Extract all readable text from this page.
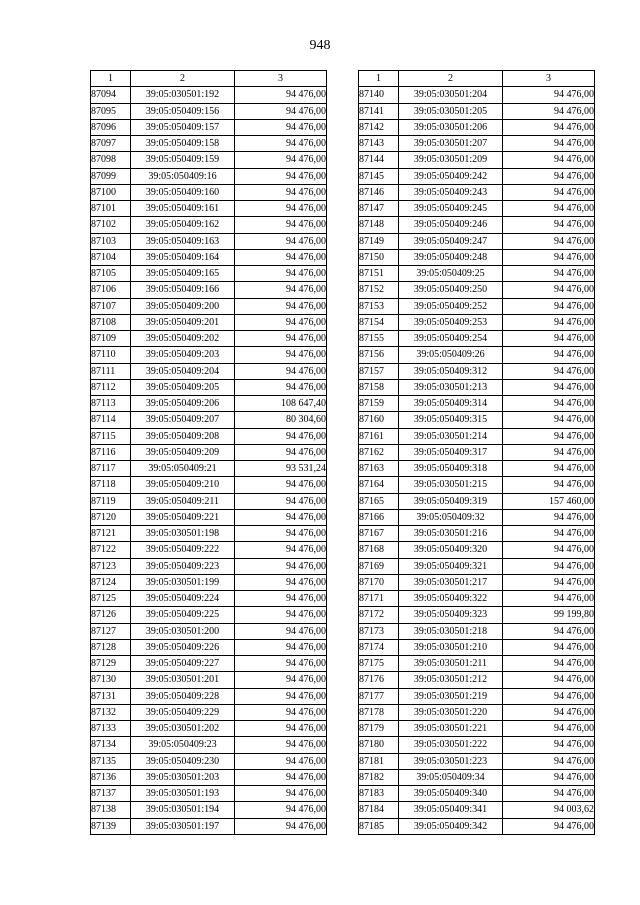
948
1	2	3
87094	39:05:030501:192	94 476,00
87095	39:05:050409:156	94 476,00
87096	39:05:050409:157	94 476,00
87097	39:05:050409:158	94 476,00
87098	39:05:050409:159	94 476,00
87099	39:05:050409:16	94 476,00
87100	39:05:050409:160	94 476,00
87101	39:05:050409:161	94 476,00
87102	39:05:050409:162	94 476,00
87103	39:05:050409:163	94 476,00
87104	39:05:050409:164	94 476,00
87105	39:05:050409:165	94 476,00
87106	39:05:050409:166	94 476,00
87107	39:05:050409:200	94 476,00
87108	39:05:050409:201	94 476,00
87109	39:05:050409:202	94 476,00
87110	39:05:050409:203	94 476,00
87111	39:05:050409:204	94 476,00
87112	39:05:050409:205	94 476,00
87113	39:05:050409:206	108 647,40
87114	39:05:050409:207	80 304,60
87115	39:05:050409:208	94 476,00
87116	39:05:050409:209	94 476,00
87117	39:05:050409:21	93 531,24
87118	39:05:050409:210	94 476,00
87119	39:05:050409:211	94 476,00
87120	39:05:050409:221	94 476,00
87121	39:05:030501:198	94 476,00
87122	39:05:050409:222	94 476,00
87123	39:05:050409:223	94 476,00
87124	39:05:030501:199	94 476,00
87125	39:05:050409:224	94 476,00
87126	39:05:050409:225	94 476,00
87127	39:05:030501:200	94 476,00
87128	39:05:050409:226	94 476,00
87129	39:05:050409:227	94 476,00
87130	39:05:030501:201	94 476,00
87131	39:05:050409:228	94 476,00
87132	39:05:050409:229	94 476,00
87133	39:05:030501:202	94 476,00
87134	39:05:050409:23	94 476,00
87135	39:05:050409:230	94 476,00
87136	39:05:030501:203	94 476,00
87137	39:05:030501:193	94 476,00
87138	39:05:030501:194	94 476,00
87139	39:05:030501:197	94 476,00
1	2	3
87140	39:05:030501:204	94 476,00
87141	39:05:030501:205	94 476,00
87142	39:05:030501:206	94 476,00
87143	39:05:030501:207	94 476,00
87144	39:05:030501:209	94 476,00
87145	39:05:050409:242	94 476,00
87146	39:05:050409:243	94 476,00
87147	39:05:050409:245	94 476,00
87148	39:05:050409:246	94 476,00
87149	39:05:050409:247	94 476,00
87150	39:05:050409:248	94 476,00
87151	39:05:050409:25	94 476,00
87152	39:05:050409:250	94 476,00
87153	39:05:050409:252	94 476,00
87154	39:05:050409:253	94 476,00
87155	39:05:050409:254	94 476,00
87156	39:05:050409:26	94 476,00
87157	39:05:050409:312	94 476,00
87158	39:05:030501:213	94 476,00
87159	39:05:050409:314	94 476,00
87160	39:05:050409:315	94 476,00
87161	39:05:030501:214	94 476,00
87162	39:05:050409:317	94 476,00
87163	39:05:050409:318	94 476,00
87164	39:05:030501:215	94 476,00
87165	39:05:050409:319	157 460,00
87166	39:05:050409:32	94 476,00
87167	39:05:030501:216	94 476,00
87168	39:05:050409:320	94 476,00
87169	39:05:050409:321	94 476,00
87170	39:05:030501:217	94 476,00
87171	39:05:050409:322	94 476,00
87172	39:05:050409:323	99 199,80
87173	39:05:030501:218	94 476,00
87174	39:05:030501:210	94 476,00
87175	39:05:030501:211	94 476,00
87176	39:05:030501:212	94 476,00
87177	39:05:030501:219	94 476,00
87178	39:05:030501:220	94 476,00
87179	39:05:030501:221	94 476,00
87180	39:05:030501:222	94 476,00
87181	39:05:030501:223	94 476,00
87182	39:05:050409:34	94 476,00
87183	39:05:050409:340	94 476,00
87184	39:05:050409:341	94 003,62
87185	39:05:050409:342	94 476,00
